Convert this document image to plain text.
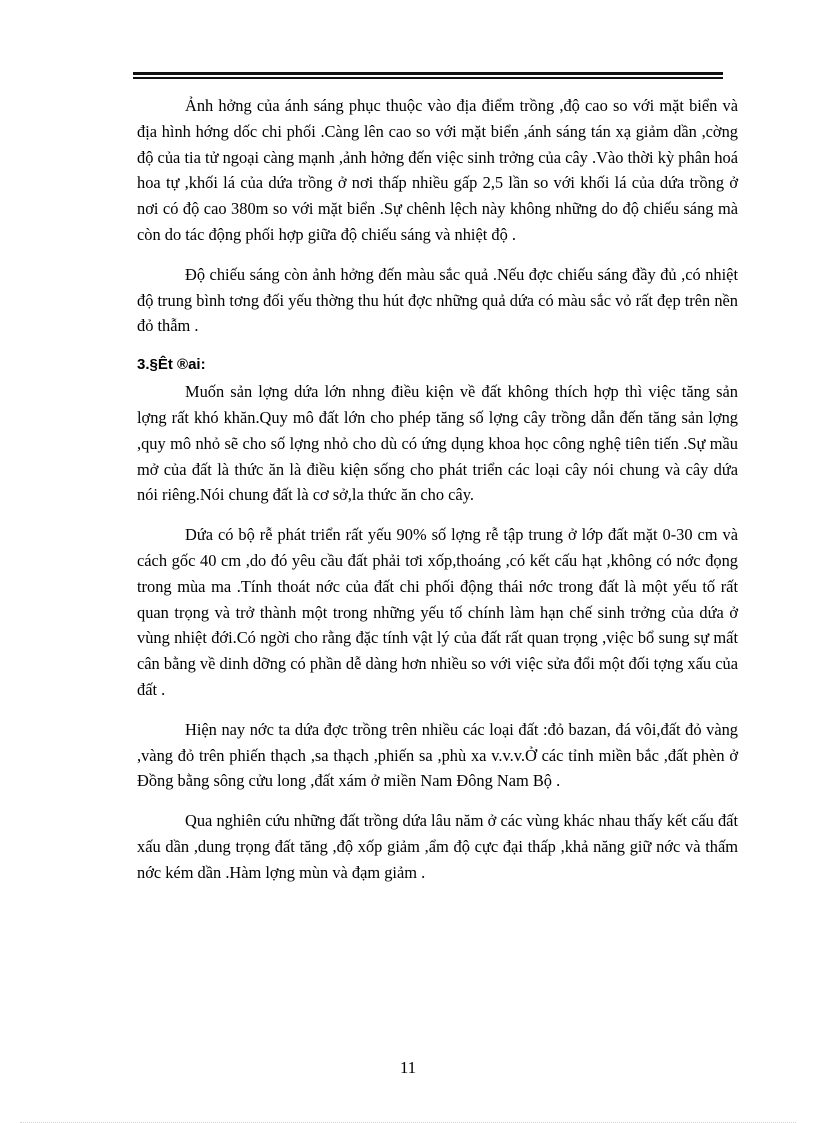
Ảnh hởng của ánh sáng phục thuộc vào địa điểm trồng ,độ cao so với mặt biển và địa hình hớng dốc chi phối .Càng lên cao so với mặt biển ,ánh sáng tán xạ giảm dần ,cờng độ của tia tử ngoại càng mạnh ,ảnh hởng đến việc sinh trởng của cây .Vào thời kỳ phân hoá hoa tự ,khối lá của dứa trồng ở nơi thấp nhiều gấp 2,5 lần so với khối lá của dứa trồng ở nơi có độ cao 380m so với mặt biển .Sự chênh lệch này không những do độ chiếu sáng mà còn do tác động phối hợp giữa độ chiếu sáng và nhiệt độ .

Độ chiếu sáng còn ảnh hởng đến màu sắc quả .Nếu đợc chiếu sáng đầy đủ ,có nhiệt độ trung bình tơng đối yếu thờng thu hút đợc những quả dứa có màu sắc vỏ rất đẹp trên nền đỏ thẫm .

3.§Êt ®ai:

Muốn sản lợng dứa lớn nhng điều kiện về đất không thích hợp thì việc tăng sản lợng rất khó khăn.Quy mô đất lớn cho phép tăng số lợng cây trồng dẫn đến tăng sản lợng ,quy mô nhỏ sẽ cho số lợng nhỏ cho dù có ứng dụng khoa học công nghệ tiên tiến .Sự mầu mở của đất là thức ăn là điều kiện sống cho phát triển các loại cây nói chung và cây dứa nói riêng.Nói chung đất là cơ sở,la thức ăn cho cây.

Dứa có bộ rễ phát triển rất yếu 90% số lợng rễ tập trung ở lớp đất mặt 0-30 cm và cách gốc 40 cm ,do đó yêu cầu đất phải tơi xốp,thoáng ,có kết cấu hạt ,không có nớc đọng trong mùa ma .Tính thoát nớc của đất chi phối động thái nớc trong đất là một yếu tố rất quan trọng và trở thành một trong những yếu tố chính làm hạn chế sinh trởng của dứa ở vùng nhiệt đới.Có ngời cho rằng đặc tính vật lý của đất rất quan trọng ,việc bổ sung sự mất cân bằng về dinh dỡng có phần dễ dàng hơn nhiều so với việc sửa đổi một đối tợng xấu của đất .

Hiện nay nớc ta dứa đợc trồng trên nhiều các loại đất :đỏ bazan, đá vôi,đất đỏ vàng ,vàng đỏ trên phiến thạch ,sa thạch ,phiến sa ,phù xa v.v.v.Ở các tỉnh miền bắc ,đất phèn ở Đồng bằng sông cửu long ,đất xám ở miền Nam Đông Nam Bộ .

Qua nghiên cứu những đất trồng dứa lâu năm ở các vùng khác nhau thấy kết cấu đất xấu dần ,dung trọng đất tăng ,độ xốp giảm ,ẩm độ cực đại thấp ,khả năng giữ nớc và thấm nớc kém dần .Hàm lợng mùn và đạm giảm .

11
